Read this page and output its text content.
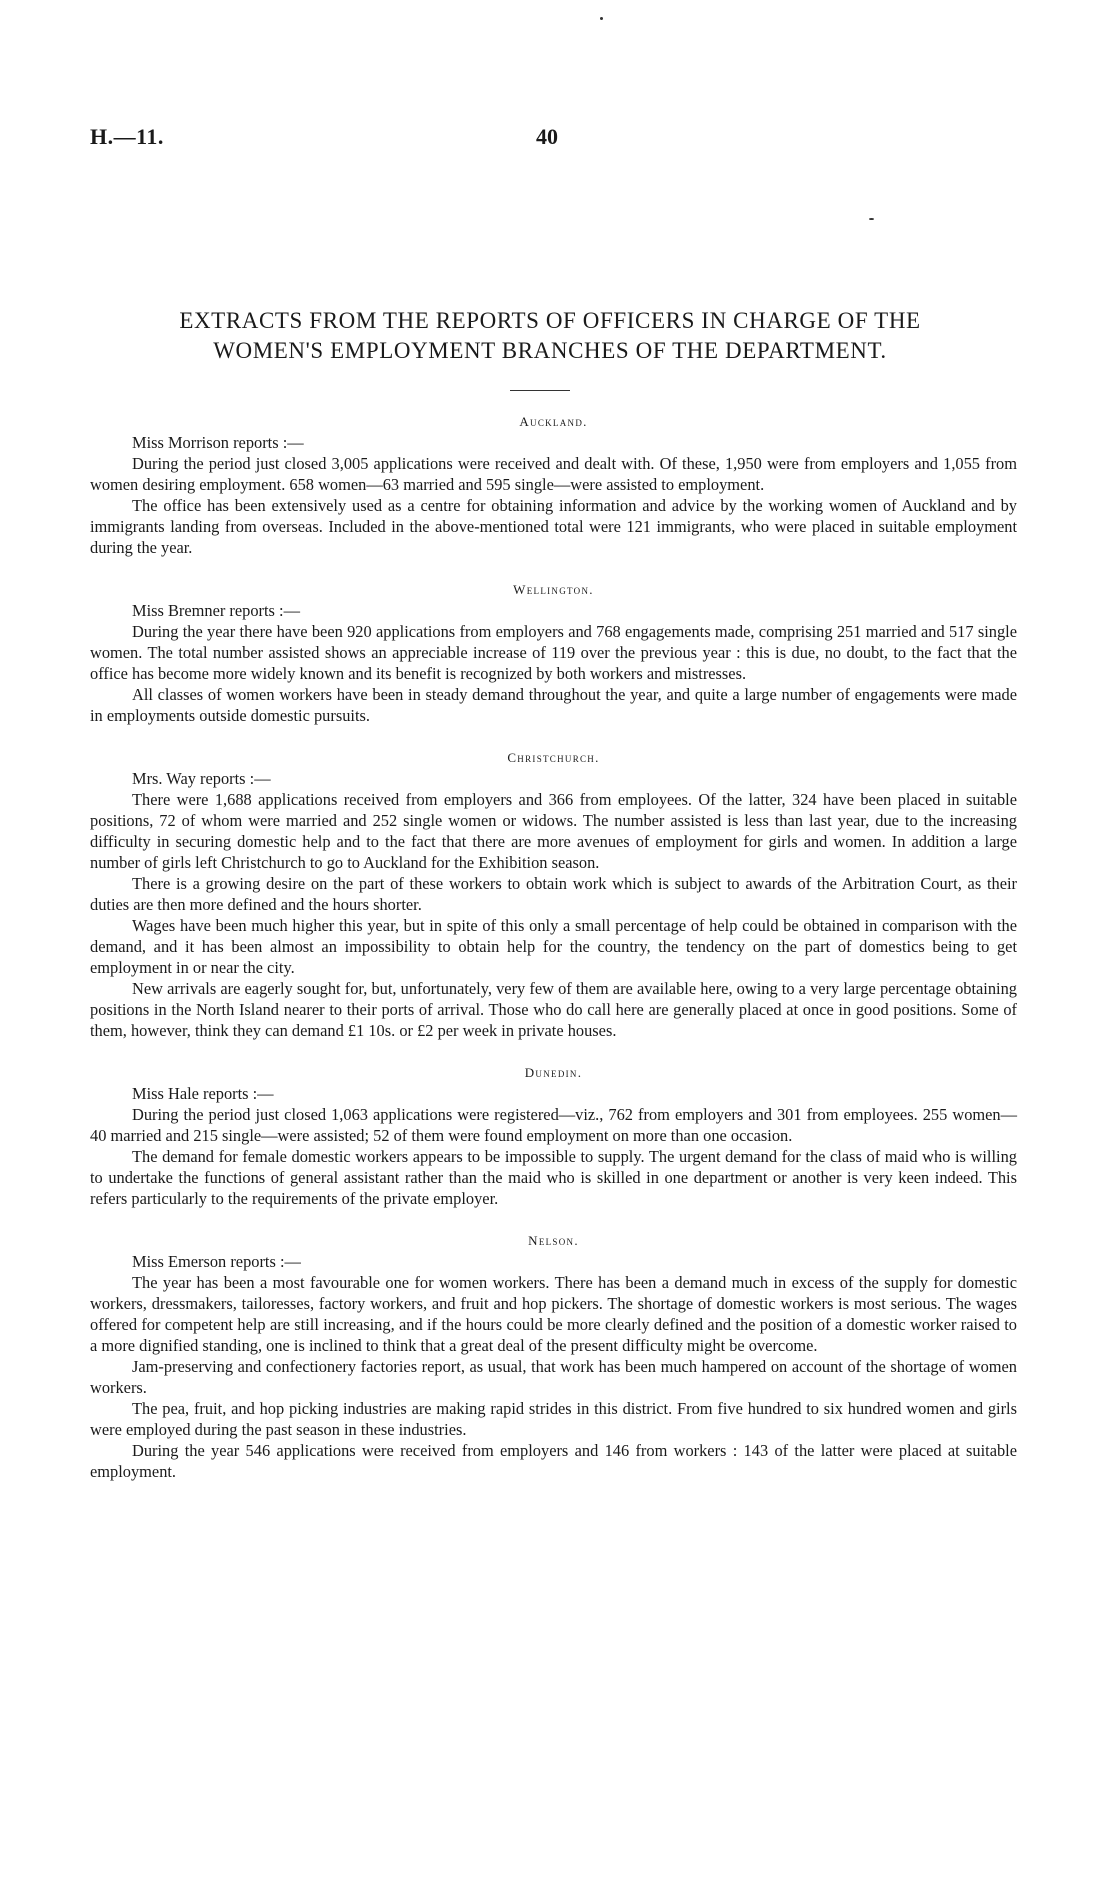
H.—11.	40
EXTRACTS FROM THE REPORTS OF OFFICERS IN CHARGE OF THE
WOMEN'S EMPLOYMENT BRANCHES OF THE DEPARTMENT.

Auckland.

Miss Morrison reports :—

During the period just closed 3,005 applications were received and dealt with. Of these, 1,950 were from employers and 1,055 from women desiring employment. 658 women—63 married and 595 single—were assisted to employment.

The office has been extensively used as a centre for obtaining information and advice by the working women of Auckland and by immigrants landing from overseas. Included in the above-mentioned total were 121 immigrants, who were placed in suitable employment during the year.

Wellington.

Miss Bremner reports :—

During the year there have been 920 applications from employers and 768 engagements made, comprising 251 married and 517 single women. The total number assisted shows an appreciable increase of 119 over the previous year : this is due, no doubt, to the fact that the office has become more widely known and its benefit is recognized by both workers and mistresses.

All classes of women workers have been in steady demand throughout the year, and quite a large number of engagements were made in employments outside domestic pursuits.

Christchurch.

Mrs. Way reports :—

There were 1,688 applications received from employers and 366 from employees. Of the latter, 324 have been placed in suitable positions, 72 of whom were married and 252 single women or widows. The number assisted is less than last year, due to the increasing difficulty in securing domestic help and to the fact that there are more avenues of employment for girls and women. In addition a large number of girls left Christchurch to go to Auckland for the Exhibition season.

There is a growing desire on the part of these workers to obtain work which is subject to awards of the Arbitration Court, as their duties are then more defined and the hours shorter.

Wages have been much higher this year, but in spite of this only a small percentage of help could be obtained in comparison with the demand, and it has been almost an impossibility to obtain help for the country, the tendency on the part of domestics being to get employment in or near the city.

New arrivals are eagerly sought for, but, unfortunately, very few of them are available here, owing to a very large percentage obtaining positions in the North Island nearer to their ports of arrival. Those who do call here are generally placed at once in good positions. Some of them, however, think they can demand £1 10s. or £2 per week in private houses.

Dunedin.

Miss Hale reports :—

During the period just closed 1,063 applications were registered—viz., 762 from employers and 301 from employees. 255 women—40 married and 215 single—were assisted; 52 of them were found employment on more than one occasion.

The demand for female domestic workers appears to be impossible to supply. The urgent demand for the class of maid who is willing to undertake the functions of general assistant rather than the maid who is skilled in one department or another is very keen indeed. This refers particularly to the requirements of the private employer.

Nelson.

Miss Emerson reports :—

The year has been a most favourable one for women workers. There has been a demand much in excess of the supply for domestic workers, dressmakers, tailoresses, factory workers, and fruit and hop pickers. The shortage of domestic workers is most serious. The wages offered for competent help are still increasing, and if the hours could be more clearly defined and the position of a domestic worker raised to a more dignified standing, one is inclined to think that a great deal of the present difficulty might be overcome.

Jam-preserving and confectionery factories report, as usual, that work has been much hampered on account of the shortage of women workers.

The pea, fruit, and hop picking industries are making rapid strides in this district. From five hundred to six hundred women and girls were employed during the past season in these industries.

During the year 546 applications were received from employers and 146 from workers : 143 of the latter were placed at suitable employment.
